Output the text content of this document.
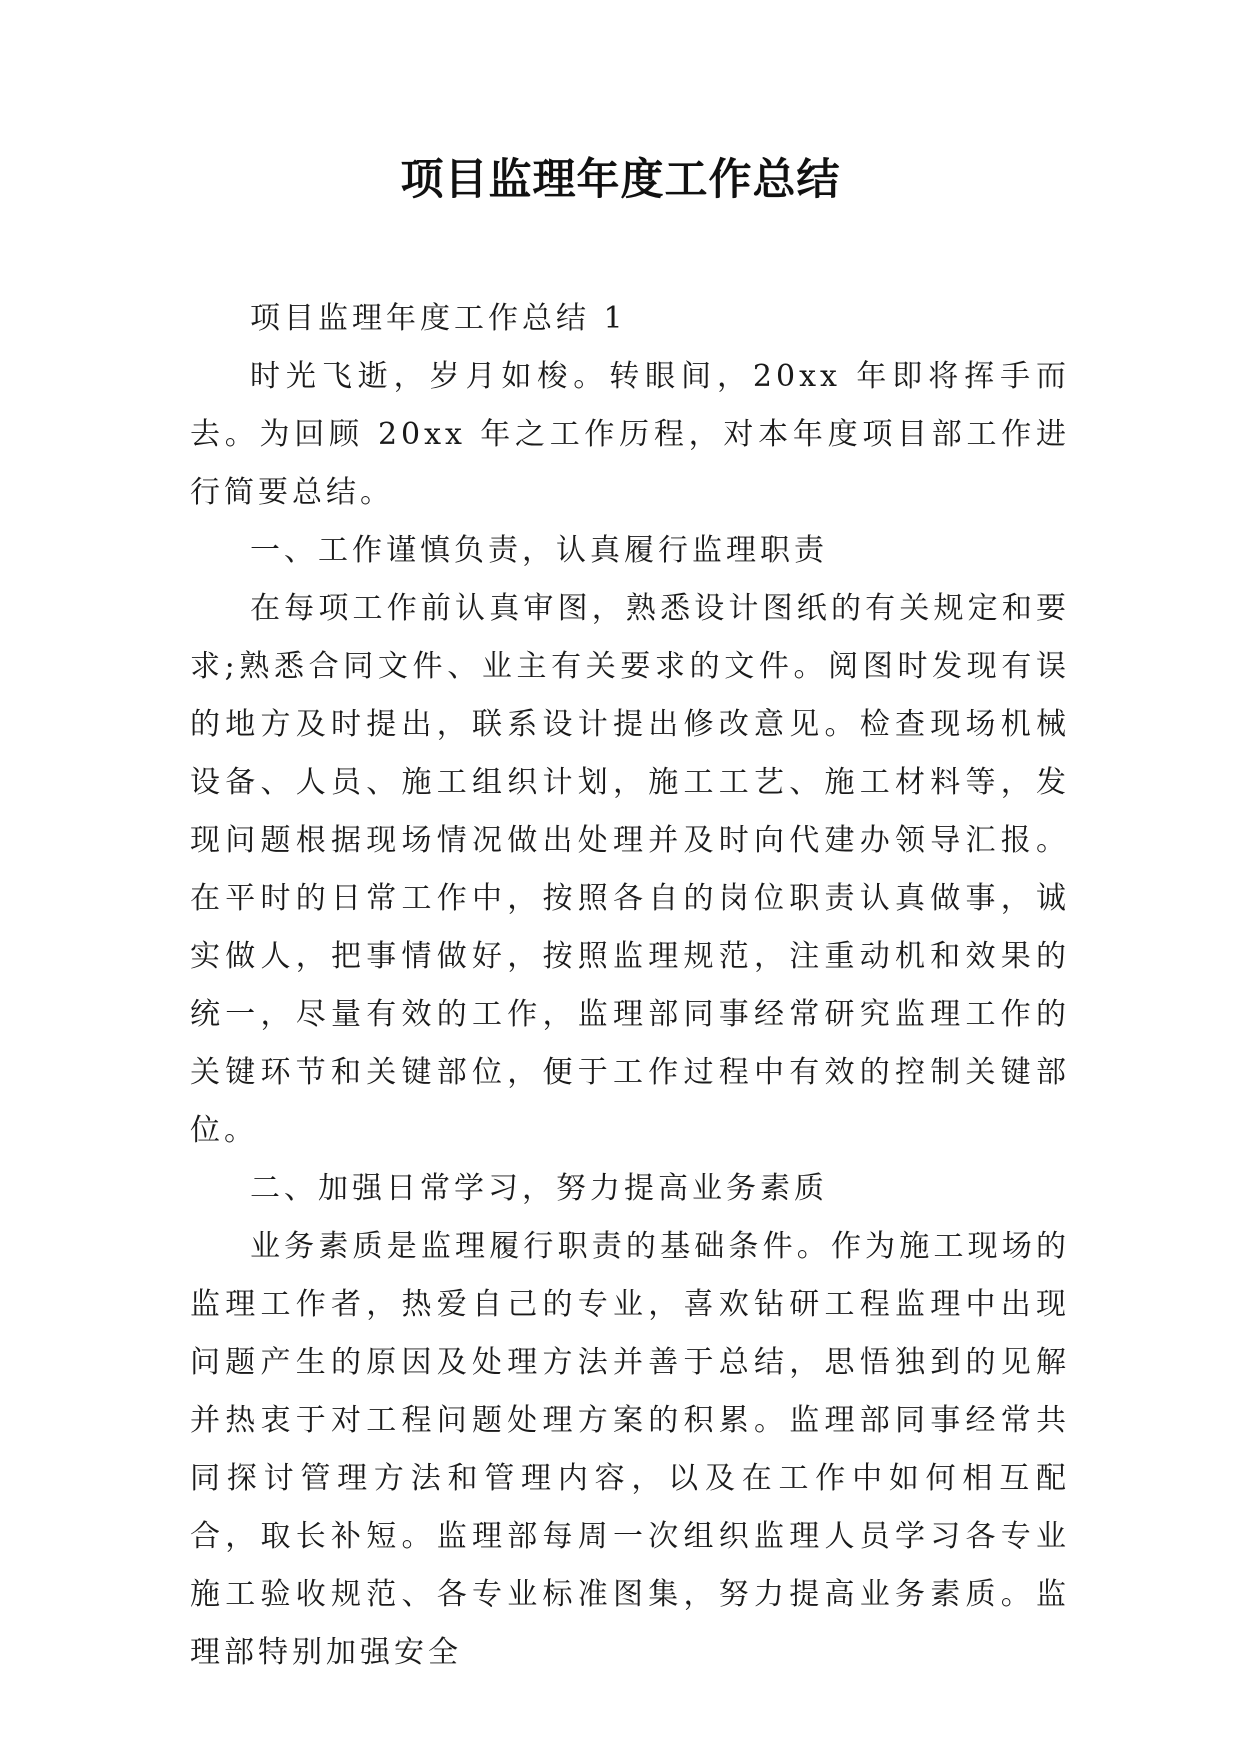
项目监理年度工作总结

项目监理年度工作总结 1

时光飞逝，岁月如梭。转眼间，20xx 年即将挥手而去。为回顾 20xx 年之工作历程，对本年度项目部工作进行简要总结。

一、工作谨慎负责，认真履行监理职责

在每项工作前认真审图，熟悉设计图纸的有关规定和要求;熟悉合同文件、业主有关要求的文件。阅图时发现有误的地方及时提出，联系设计提出修改意见。检查现场机械设备、人员、施工组织计划，施工工艺、施工材料等，发现问题根据现场情况做出处理并及时向代建办领导汇报。在平时的日常工作中，按照各自的岗位职责认真做事，诚实做人，把事情做好，按照监理规范，注重动机和效果的统一，尽量有效的工作，监理部同事经常研究监理工作的关键环节和关键部位，便于工作过程中有效的控制关键部位。

二、加强日常学习，努力提高业务素质

业务素质是监理履行职责的基础条件。作为施工现场的监理工作者，热爱自己的专业，喜欢钻研工程监理中出现问题产生的原因及处理方法并善于总结，思悟独到的见解并热衷于对工程问题处理方案的积累。监理部同事经常共同探讨管理方法和管理内容，以及在工作中如何相互配合，取长补短。监理部每周一次组织监理人员学习各专业施工验收规范、各专业标准图集，努力提高业务素质。监理部特别加强安全
